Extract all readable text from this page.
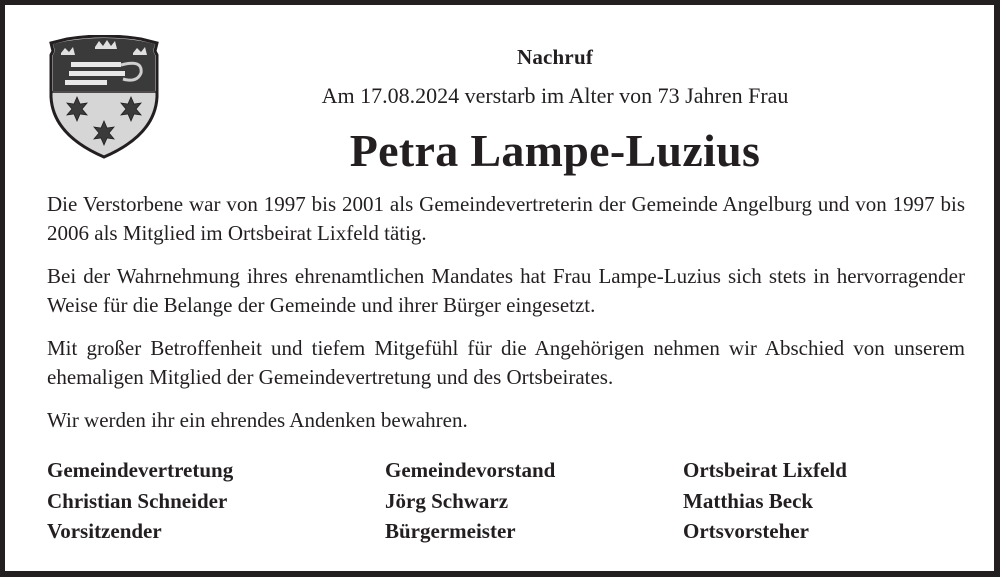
Nachruf
Am 17.08.2024 verstarb im Alter von 73 Jahren Frau
Petra Lampe-Luzius
Die Verstorbene war von 1997 bis 2001 als Gemeindevertreterin der Gemeinde Angelburg und von 1997 bis 2006 als Mitglied im Ortsbeirat Lixfeld tätig.
Bei der Wahrnehmung ihres ehrenamtlichen Mandates hat Frau Lampe-Luzius sich stets in hervorragender Weise für die Belange der Gemeinde und ihrer Bürger eingesetzt.
Mit großer Betroffenheit und tiefem Mitgefühl für die Angehörigen nehmen wir Abschied von unserem ehemaligen Mitglied der Gemeindevertretung und des Ortsbeirates.
Wir werden ihr ein ehrendes Andenken bewahren.
Gemeindevertretung
Christian Schneider
Vorsitzender
Gemeindevorstand
Jörg Schwarz
Bürgermeister
Ortsbeirat Lixfeld
Matthias Beck
Ortsvorsteher
